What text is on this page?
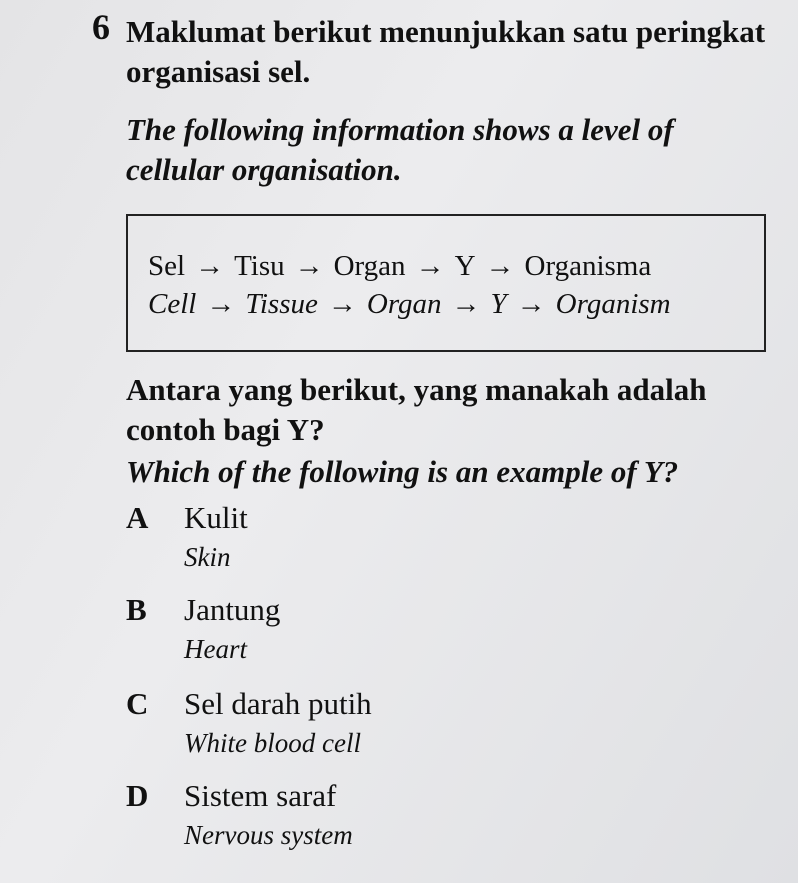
6 Maklumat berikut menunjukkan satu peringkat organisasi sel.
The following information shows a level of cellular organisation.
Sel → Tisu → Organ → Y → Organisma
Cell → Tissue → Organ → Y → Organism
Antara yang berikut, yang manakah adalah contoh bagi Y?
Which of the following is an example of Y?
A Kulit
Skin
B Jantung
Heart
C Sel darah putih
White blood cell
D Sistem saraf
Nervous system
